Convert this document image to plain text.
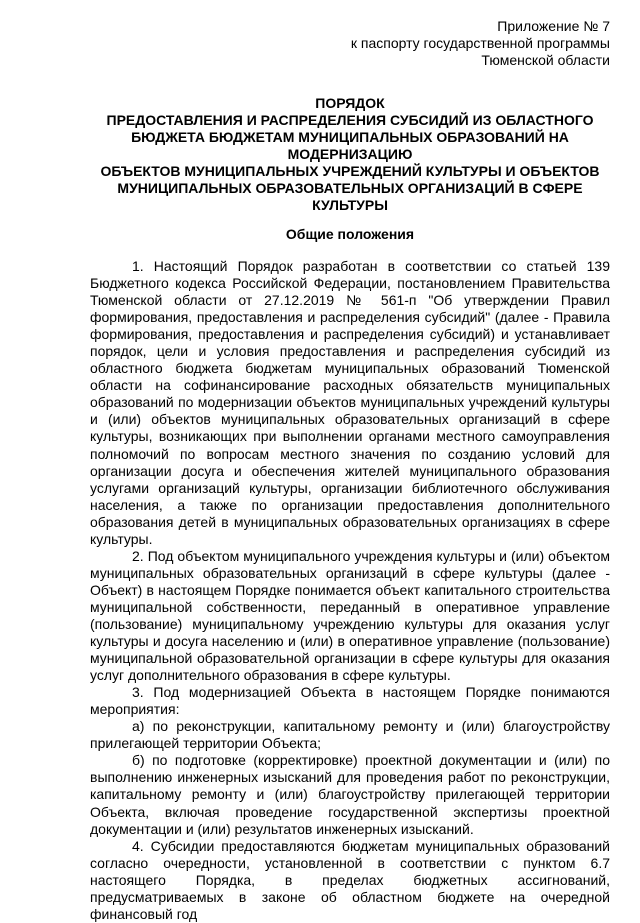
Приложение № 7
к паспорту государственной программы
Тюменской области
ПОРЯДОК
ПРЕДОСТАВЛЕНИЯ И РАСПРЕДЕЛЕНИЯ СУБСИДИЙ ИЗ ОБЛАСТНОГО
БЮДЖЕТА БЮДЖЕТАМ МУНИЦИПАЛЬНЫХ ОБРАЗОВАНИЙ НА
МОДЕРНИЗАЦИЮ
ОБЪЕКТОВ МУНИЦИПАЛЬНЫХ УЧРЕЖДЕНИЙ КУЛЬТУРЫ И ОБЪЕКТОВ
МУНИЦИПАЛЬНЫХ ОБРАЗОВАТЕЛЬНЫХ ОРГАНИЗАЦИЙ В СФЕРЕ
КУЛЬТУРЫ
Общие положения

1. Настоящий Порядок разработан в соответствии со статьей 139 Бюджетного кодекса Российской Федерации, постановлением Правительства Тюменской области от 27.12.2019 № 561-п "Об утверждении Правил формирования, предоставления и распределения субсидий" (далее - Правила формирования, предоставления и распределения субсидий) и устанавливает порядок, цели и условия предоставления и распределения субсидий из областного бюджета бюджетам муниципальных образований Тюменской области на софинансирование расходных обязательств муниципальных образований по модернизации объектов муниципальных учреждений культуры и (или) объектов муниципальных образовательных организаций в сфере культуры, возникающих при выполнении органами местного самоуправления полномочий по вопросам местного значения по созданию условий для организации досуга и обеспечения жителей муниципального образования услугами организаций культуры, организации библиотечного обслуживания населения, а также по организации предоставления дополнительного образования детей в муниципальных образовательных организациях в сфере культуры.

2. Под объектом муниципального учреждения культуры и (или) объектом муниципальных образовательных организаций в сфере культуры (далее - Объект) в настоящем Порядке понимается объект капитального строительства муниципальной собственности, переданный в оперативное управление (пользование) муниципальному учреждению культуры для оказания услуг культуры и досуга населению и (или) в оперативное управление (пользование) муниципальной образовательной организации в сфере культуры для оказания услуг дополнительного образования в сфере культуры.

3. Под модернизацией Объекта в настоящем Порядке понимаются мероприятия:

а) по реконструкции, капитальному ремонту и (или) благоустройству прилегающей территории Объекта;

б) по подготовке (корректировке) проектной документации и (или) по выполнению инженерных изысканий для проведения работ по реконструкции, капитальному ремонту и (или) благоустройству прилегающей территории Объекта, включая проведение государственной экспертизы проектной документации и (или) результатов инженерных изысканий.

4. Субсидии предоставляются бюджетам муниципальных образований согласно очередности, установленной в соответствии с пунктом 6.7 настоящего Порядка, в пределах бюджетных ассигнований, предусматриваемых в законе об областном бюджете на очередной финансовый год
